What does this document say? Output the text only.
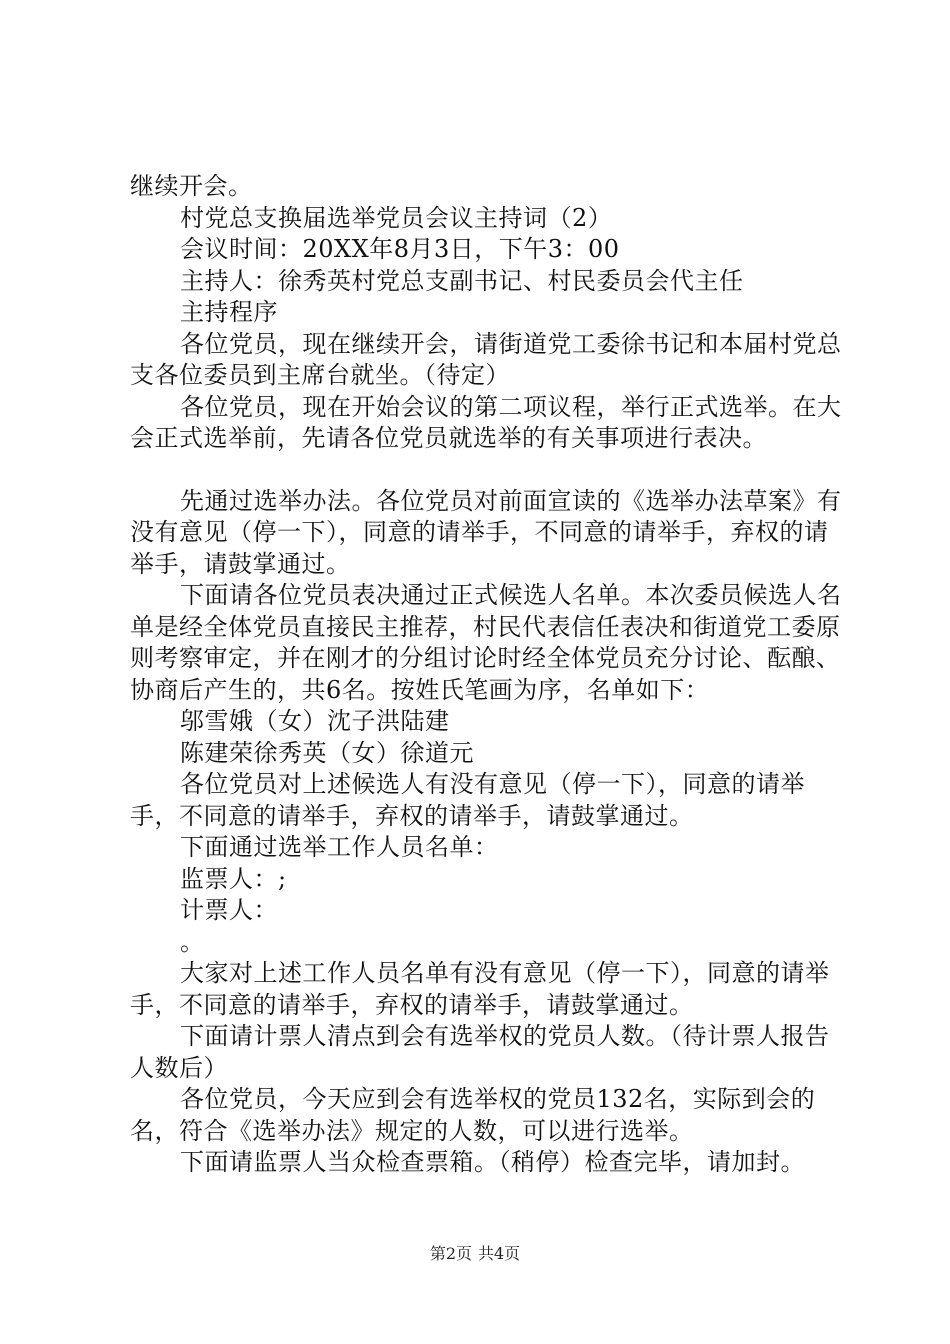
继续开会。

村党总支换届选举党员会议主持词（2）

会议时间：20XX年8月3日，下午3：00

主持人：徐秀英村党总支副书记、村民委员会代主任

主持程序

各位党员，现在继续开会，请街道党工委徐书记和本届村党总支各位委员到主席台就坐。（待定）

各位党员，现在开始会议的第二项议程，举行正式选举。在大会正式选举前，先请各位党员就选举的有关事项进行表决。

先通过选举办法。各位党员对前面宣读的《选举办法草案》有没有意见（停一下），同意的请举手，不同意的请举手，弃权的请举手，请鼓掌通过。

下面请各位党员表决通过正式候选人名单。本次委员候选人名单是经全体党员直接民主推荐，村民代表信任表决和街道党工委原则考察审定，并在刚才的分组讨论时经全体党员充分讨论、酝酿、协商后产生的，共6名。按姓氏笔画为序，名单如下：

邬雪娥（女）沈子洪陆建

陈建荣徐秀英（女）徐道元

各位党员对上述候选人有没有意见（停一下），同意的请举手，不同意的请举手，弃权的请举手，请鼓掌通过。

下面通过选举工作人员名单：

监票人：;

计票人：

。

大家对上述工作人员名单有没有意见（停一下），同意的请举手，不同意的请举手，弃权的请举手，请鼓掌通过。

下面请计票人清点到会有选举权的党员人数。（待计票人报告人数后）

各位党员，今天应到会有选举权的党员132名，实际到会的名，符合《选举办法》规定的人数，可以进行选举。

下面请监票人当众检查票箱。（稍停）检查完毕，请加封。

第2页 共4页
